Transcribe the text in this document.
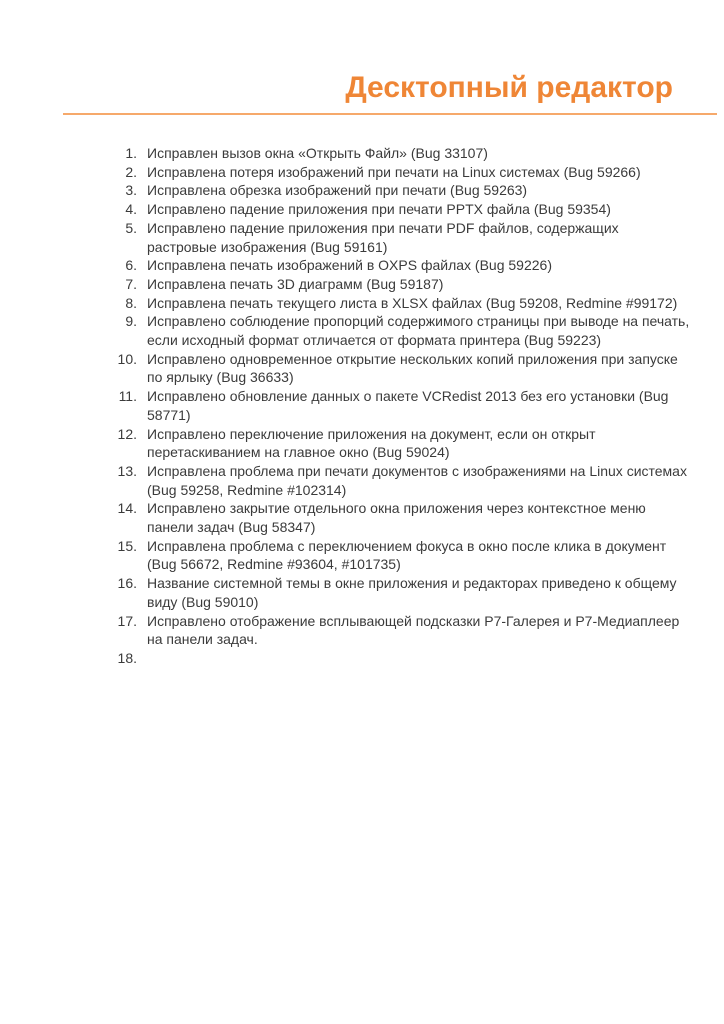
Десктопный редактор
Исправлен вызов окна «Открыть Файл» (Bug 33107)
Исправлена потеря изображений при печати на Linux системах (Bug 59266)
Исправлена обрезка изображений при печати (Bug 59263)
Исправлено падение приложения при печати PPTX файла (Bug 59354)
Исправлено падение приложения при печати PDF файлов, содержащих растровые изображения (Bug 59161)
Исправлена печать изображений в OXPS файлах (Bug 59226)
Исправлена печать 3D диаграмм (Bug 59187)
Исправлена печать текущего листа в XLSX файлах (Bug 59208, Redmine #99172)
Исправлено соблюдение пропорций содержимого страницы при выводе на печать, если исходный формат отличается от формата принтера (Bug 59223)
Исправлено одновременное открытие нескольких копий приложения при запуске по ярлыку (Bug 36633)
Исправлено обновление данных о пакете VCRedist 2013 без его установки (Bug 58771)
Исправлено переключение приложения на документ, если он открыт перетаскиванием на главное окно (Bug 59024)
Исправлена проблема при печати документов с изображениями на Linux системах (Bug 59258, Redmine #102314)
Исправлено закрытие отдельного окна приложения через контекстное меню панели задач (Bug 58347)
Исправлена проблема с переключением фокуса в окно после клика в документ (Bug 56672, Redmine #93604, #101735)
Название системной темы в окне приложения и редакторах приведено к общему виду (Bug 59010)
Исправлено отображение всплывающей подсказки Р7-Галерея и Р7-Медиаплеер на панели задач.
